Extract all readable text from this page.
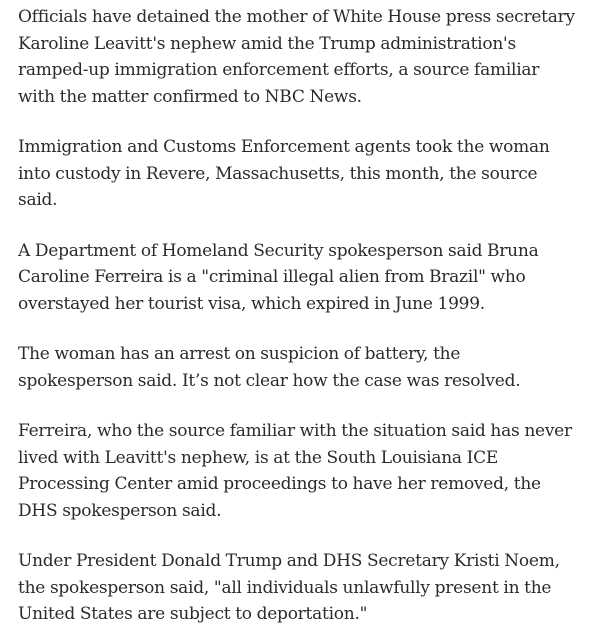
Officials have detained the mother of White House press secretary Karoline Leavitt's nephew amid the Trump administration's ramped-up immigration enforcement efforts, a source familiar with the matter confirmed to NBC News.

Immigration and Customs Enforcement agents took the woman into custody in Revere, Massachusetts, this month, the source said.

A Department of Homeland Security spokesperson said Bruna Caroline Ferreira is a "criminal illegal alien from Brazil" who overstayed her tourist visa, which expired in June 1999.

The woman has an arrest on suspicion of battery, the spokesperson said. It’s not clear how the case was resolved.

Ferreira, who the source familiar with the situation said has never lived with Leavitt's nephew, is at the South Louisiana ICE Processing Center amid proceedings to have her removed, the DHS spokesperson said.

Under President Donald Trump and DHS Secretary Kristi Noem, the spokesperson said, "all individuals unlawfully present in the United States are subject to deportation."
